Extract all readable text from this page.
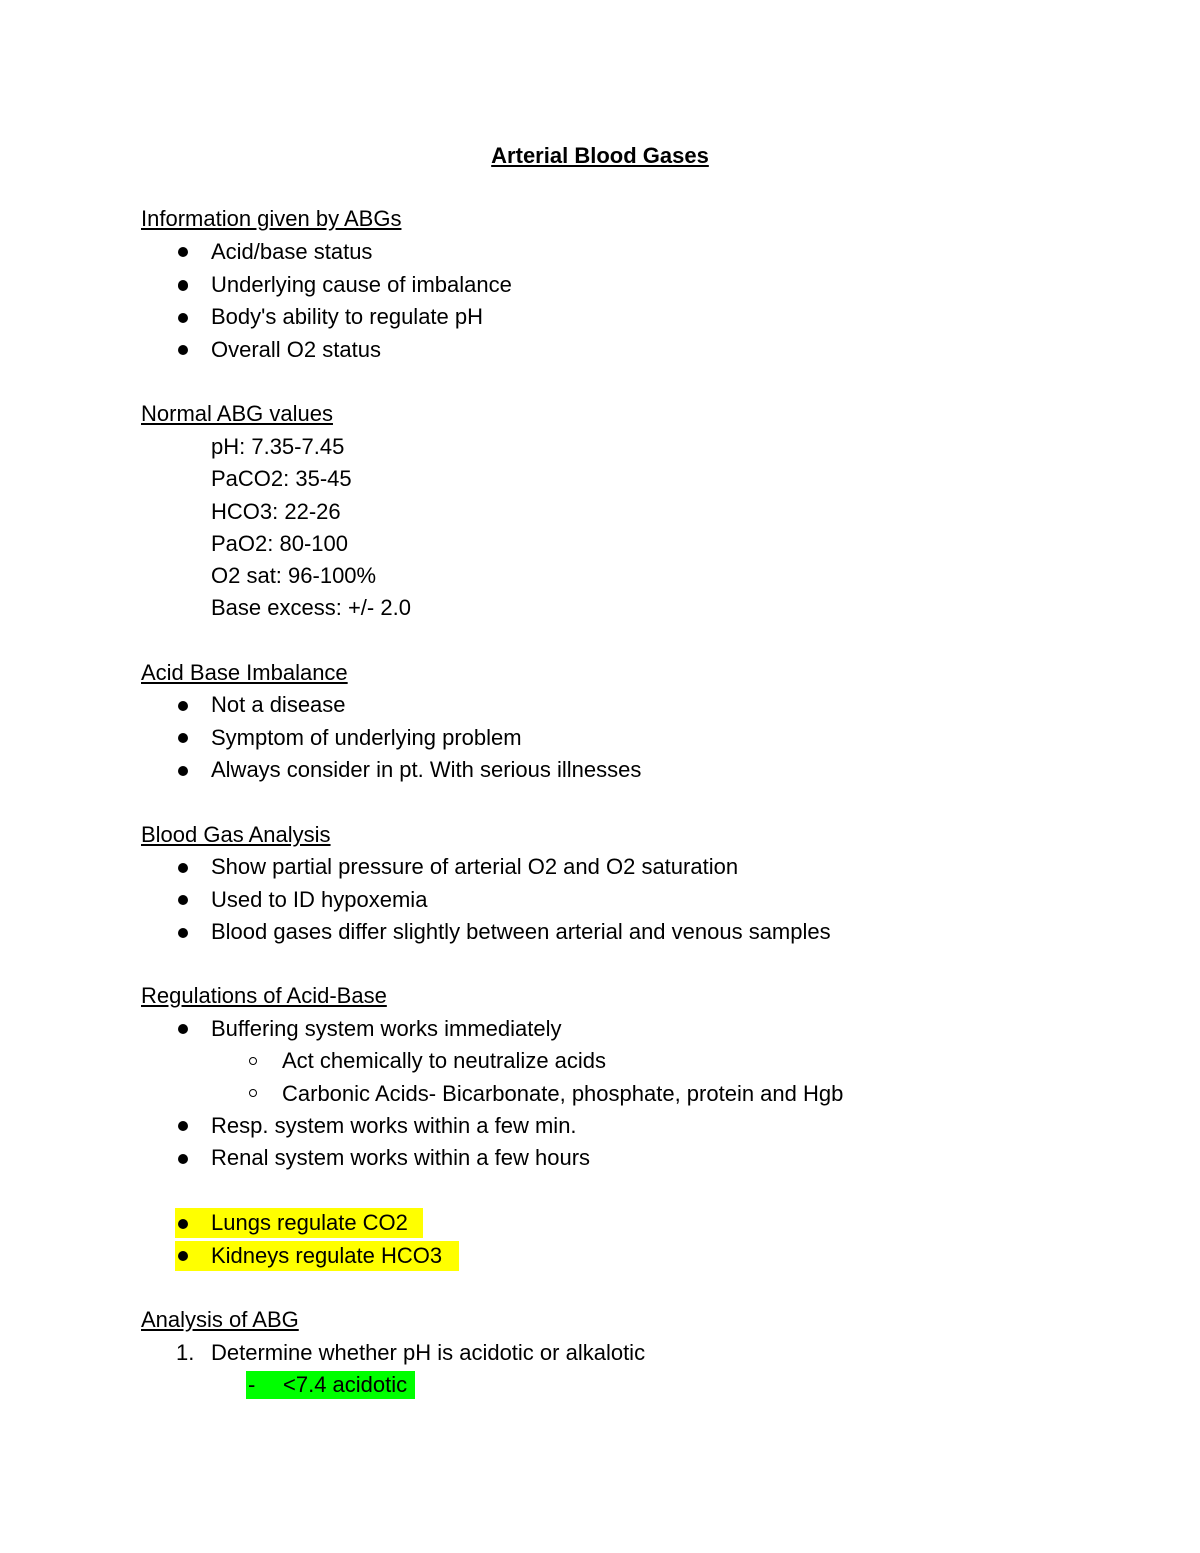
Arterial Blood Gases
Information given by ABGs
Acid/base status
Underlying cause of imbalance
Body's ability to regulate pH
Overall O2 status
Normal ABG values
pH: 7.35-7.45
PaCO2: 35-45
HCO3: 22-26
PaO2: 80-100
O2 sat: 96-100%
Base excess: +/- 2.0
Acid Base Imbalance
Not a disease
Symptom of underlying problem
Always consider in pt. With serious illnesses
Blood Gas Analysis
Show partial pressure of arterial O2 and O2 saturation
Used to ID hypoxemia
Blood gases differ slightly between arterial and venous samples
Regulations of Acid-Base
Buffering system works immediately
Act chemically to neutralize acids
Carbonic Acids- Bicarbonate, phosphate, protein and Hgb
Resp. system works within a few min.
Renal system works within a few hours
Lungs regulate CO2
Kidneys regulate HCO3
Analysis of ABG
1. Determine whether pH is acidotic or alkalotic
- <7.4 acidotic
